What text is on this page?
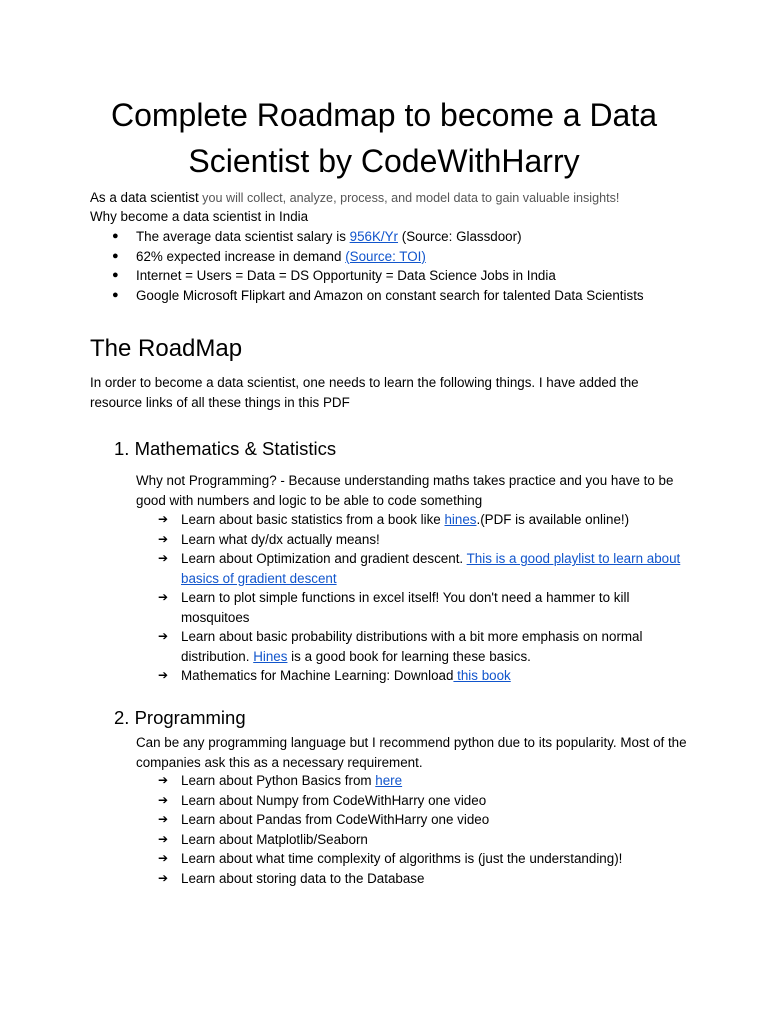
Complete Roadmap to become a Data Scientist by CodeWithHarry

As a data scientist you will collect, analyze, process, and model data to gain valuable insights!

Why become a data scientist in India

● The average data scientist salary is 956K/Yr (Source: Glassdoor)
● 62% expected increase in demand (Source: TOI)
● Internet = Users = Data = DS Opportunity = Data Science Jobs in India
● Google Microsoft Flipkart and Amazon on constant search for talented Data Scientists
The RoadMap

In order to become a data scientist, one needs to learn the following things. I have added the resource links of all these things in this PDF

1. Mathematics & Statistics

Why not Programming? - Because understanding maths takes practice and you have to be good with numbers and logic to be able to code something

➔ Learn about basic statistics from a book like hines.(PDF is available online!)
➔ Learn what dy/dx actually means!
➔ Learn about Optimization and gradient descent. This is a good playlist to learn about basics of gradient descent
➔ Learn to plot simple functions in excel itself! You don't need a hammer to kill mosquitoes
➔ Learn about basic probability distributions with a bit more emphasis on normal distribution. Hines is a good book for learning these basics.
➔ Mathematics for Machine Learning: Download this book
2. Programming

Can be any programming language but I recommend python due to its popularity. Most of the companies ask this as a necessary requirement.

➔ Learn about Python Basics from here
➔ Learn about Numpy from CodeWithHarry one video
➔ Learn about Pandas from CodeWithHarry one video
➔ Learn about Matplotlib/Seaborn
➔ Learn about what time complexity of algorithms is (just the understanding)!
➔ Learn about storing data to the Database
